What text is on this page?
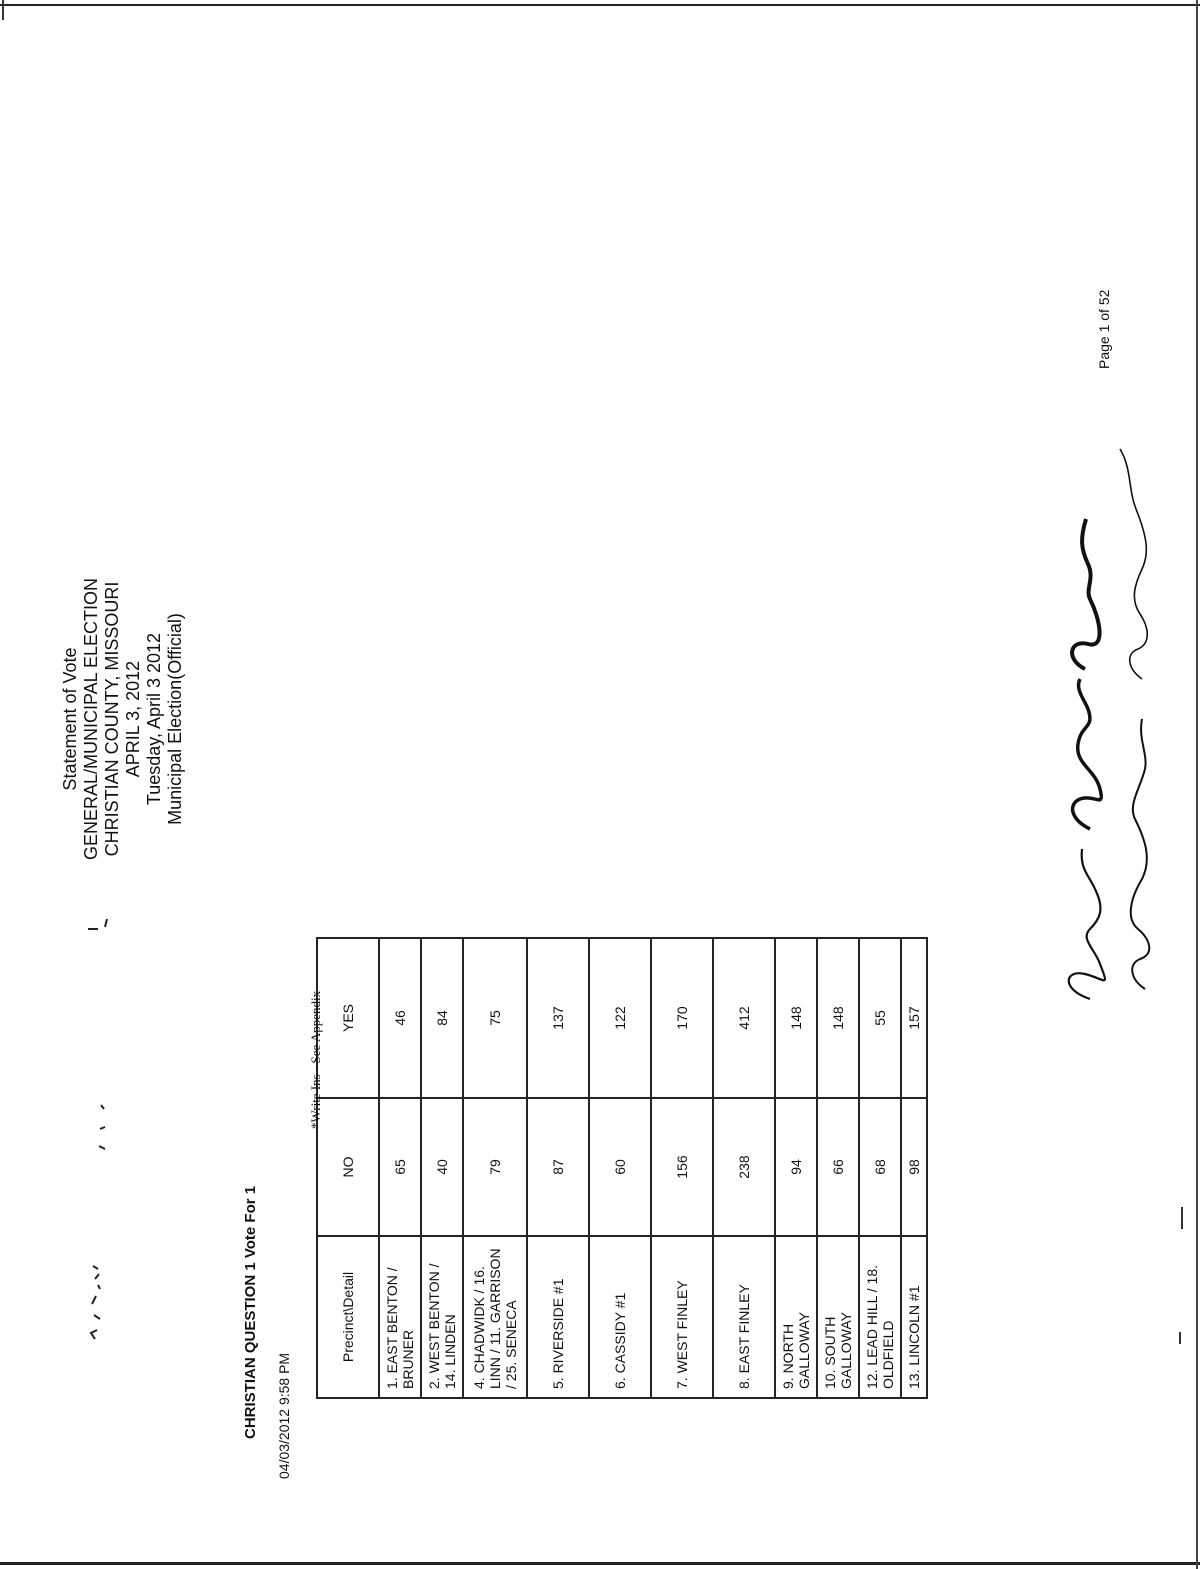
Statement of Vote GENERAL/MUNICIPAL ELECTION CHRISTIAN COUNTY, MISSOURI APRIL 3, 2012 Tuesday, April 3 2012 Municipal Election(Official)
CHRISTIAN QUESTION 1 Vote For 1	Precinct\Detail	NO	YES
1. EAST BENTON / BRUNER	65	46
2. WEST BENTON / 14. LINDEN	40	84
4. CHADWIDK / 16. LINN / 11. GARRISON / 25. SENECA	79	75
5. RIVERSIDE #1	87	137
6. CASSIDY #1	60	122
7. WEST FINLEY	156	170
8. EAST FINLEY	238	412
9. NORTH GALLOWAY	94	148
10. SOUTH GALLOWAY	66	148
12. LEAD HILL / 18. OLDFIELD	68	55
13. LINCOLN #1	98	157
04/03/2012 9:58 PM
*Write Ins - See Appendix
Page 1 of 52
